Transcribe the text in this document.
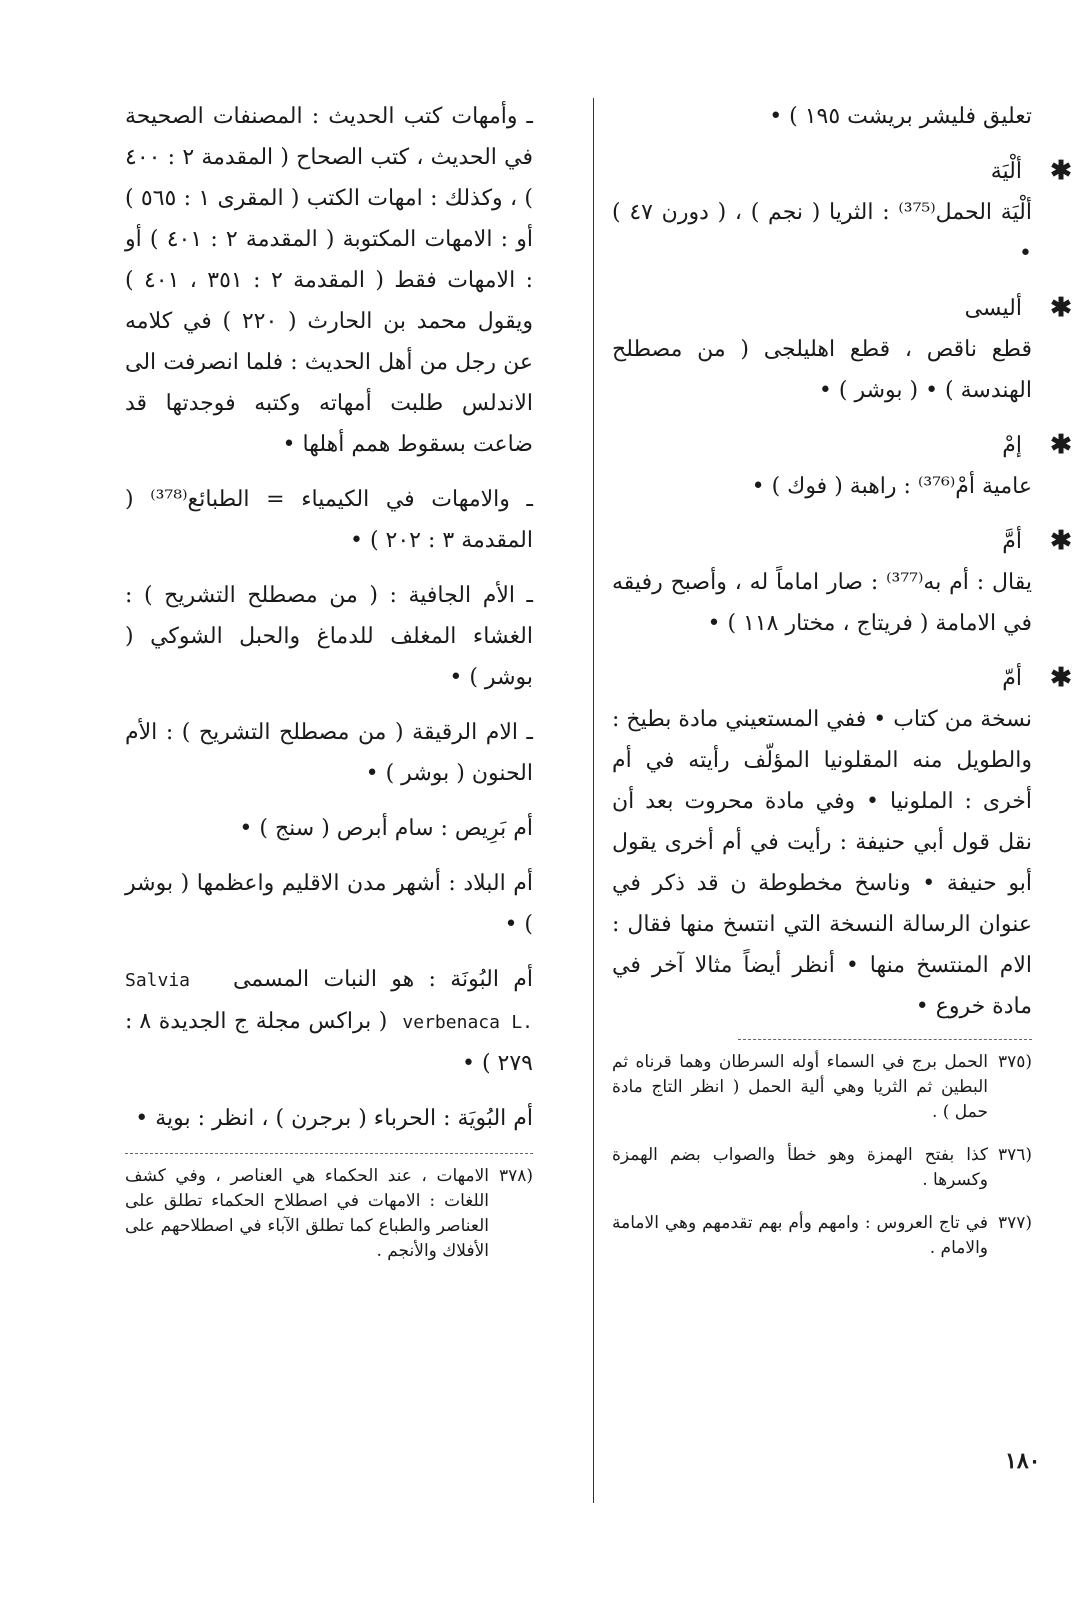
تعليق فليشر بريشت ١٩٥ ) •

✱
ألْيَة

ألْيَة الحمل⁽³⁷⁵⁾ : الثريا ( نجم ) ، ( دورن ٤٧ ) •

✱
أليسى

قطع ناقص ، قطع اهليلجى ( من مصطلح الهندسة ) • ( بوشر ) •

✱
إمْ

عامية أمْ⁽³⁷⁶⁾ : راهبة ( فوك ) •

✱
أمَّ

يقال : أم به⁽³⁷⁷⁾ : صار اماماً له ، وأصبح رفيقه في الامامة ( فريتاج ، مختار ١١٨ ) •

✱
أمّ

نسخة من كتاب • ففي المستعيني مادة بطيخ : والطويل منه المقلونيا المؤلّف رأيته في أم أخرى : الملونيا • وفي مادة محروت بعد أن نقل قول أبي حنيفة : رأيت في أم أخرى يقول أبو حنيفة • وناسخ مخطوطة ن قد ذكر في عنوان الرسالة النسخة التي انتسخ منها فقال : الام المنتسخ منها • أنظر أيضاً مثالا آخر في مادة خروع •

(٣٧٥
الحمل برج في السماء أوله السرطان وهما قرناه ثم البطين ثم الثريا وهي ألية الحمل ( انظر التاج مادة حمل ) .
(٣٧٦
كذا بفتح الهمزة وهو خطأ والصواب بضم الهمزة وكسرها .
(٣٧٧
في تاج العروس : وامهم وأم بهم تقدمهم وهي الامامة والامام .

ـ وأمهات كتب الحديث : المصنفات الصحيحة في الحديث ، كتب الصحاح ( المقدمة ٢ : ٤٠٠ ) ، وكذلك : امهات الكتب ( المقرى ١ : ٥٦٥ ) أو : الامهات المكتوبة ( المقدمة ٢ : ٤٠١ ) أو : الامهات فقط ( المقدمة ٢ : ٣٥١ ، ٤٠١ ) ويقول محمد بن الحارث ( ٢٢٠ ) في كلامه عن رجل من أهل الحديث : فلما انصرفت الى الاندلس طلبت أمهاته وكتبه فوجدتها قد ضاعت بسقوط همم أهلها •

ـ والامهات في الكيمياء = الطبائع⁽³⁷⁸⁾ ( المقدمة ٣ : ٢٠٢ ) •

ـ الأم الجافية : ( من مصطلح التشريح ) : الغشاء المغلف للدماغ والحبل الشوكي ( بوشر ) •

ـ الام الرقيقة ( من مصطلح التشريح ) : الأم الحنون ( بوشر ) •

أم بَرِيص : سام أبرص ( سنج ) •

أم البلاد : أشهر مدن الاقليم واعظمها ( بوشر ) •

أم البُونَة : هو النبات المسمى   Salvia  verbenaca L. ( براكس مجلة ج الجديدة ٨ : ٢٧٩ ) •

أم البُويَة : الحرباء ( برجرن ) ، انظر : بوية •

(٣٧٨
الامهات ، عند الحكماء هي العناصر ، وفي كشف اللغات : الامهات في اصطلاح الحكماء تطلق على العناصر والطباع كما تطلق الآباء في اصطلاحهم على الأفلاك والأنجم .
١٨٠
